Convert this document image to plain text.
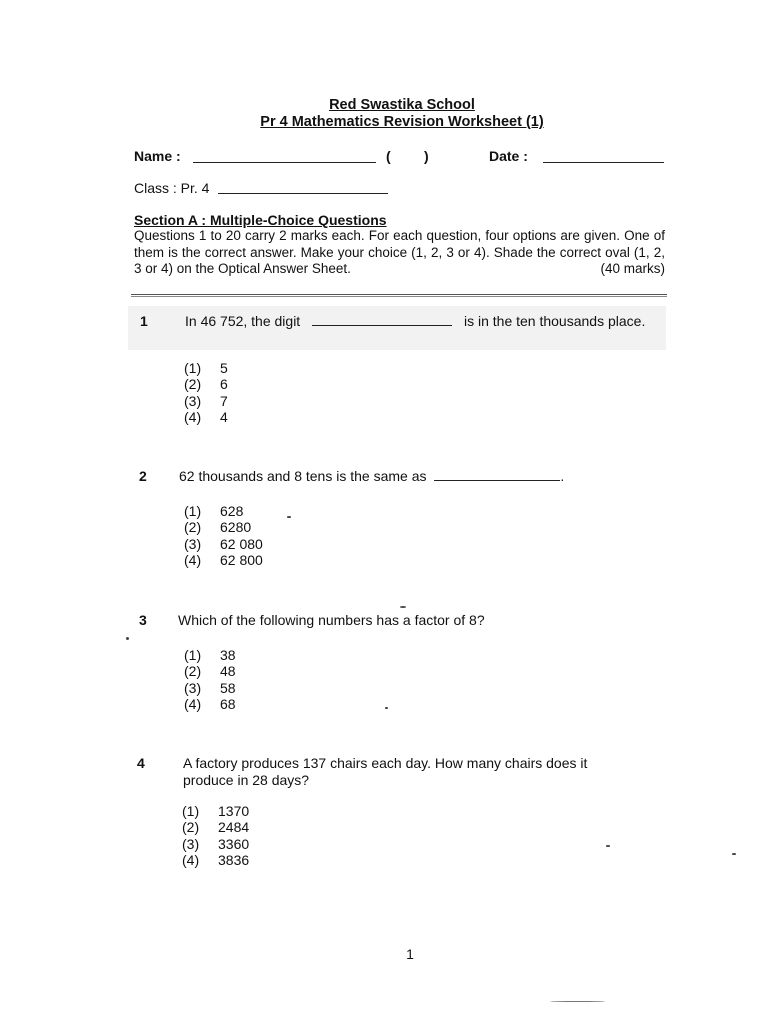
Red Swastika School
Pr 4 Mathematics Revision Worksheet (1)
Name :	( )	Date :
Class : Pr. 4
Section A : Multiple-Choice Questions
Questions 1 to 20 carry 2 marks each. For each question, four options are given. One of them is the correct answer. Make your choice (1, 2, 3 or 4). Shade the correct oval (1, 2, 3 or 4) on the Optical Answer Sheet.	(40 marks)
1	In 46 752, the digit	is in the ten thousands place.
(1)	5
(2)	6
(3)	7
(4)	4
2 62 thousands and 8 tens is the same as	.
(1)	628
(2)	6280
(3)	62 080
(4)	62 800
3 Which of the following numbers has a factor of 8?
(1)	38
(2)	48
(3)	58
(4)	68
4	A factory produces 137 chairs each day. How many chairs does it produce in 28 days?
(1)	1370
(2)	2484
(3)	3360
(4)	3836
1
